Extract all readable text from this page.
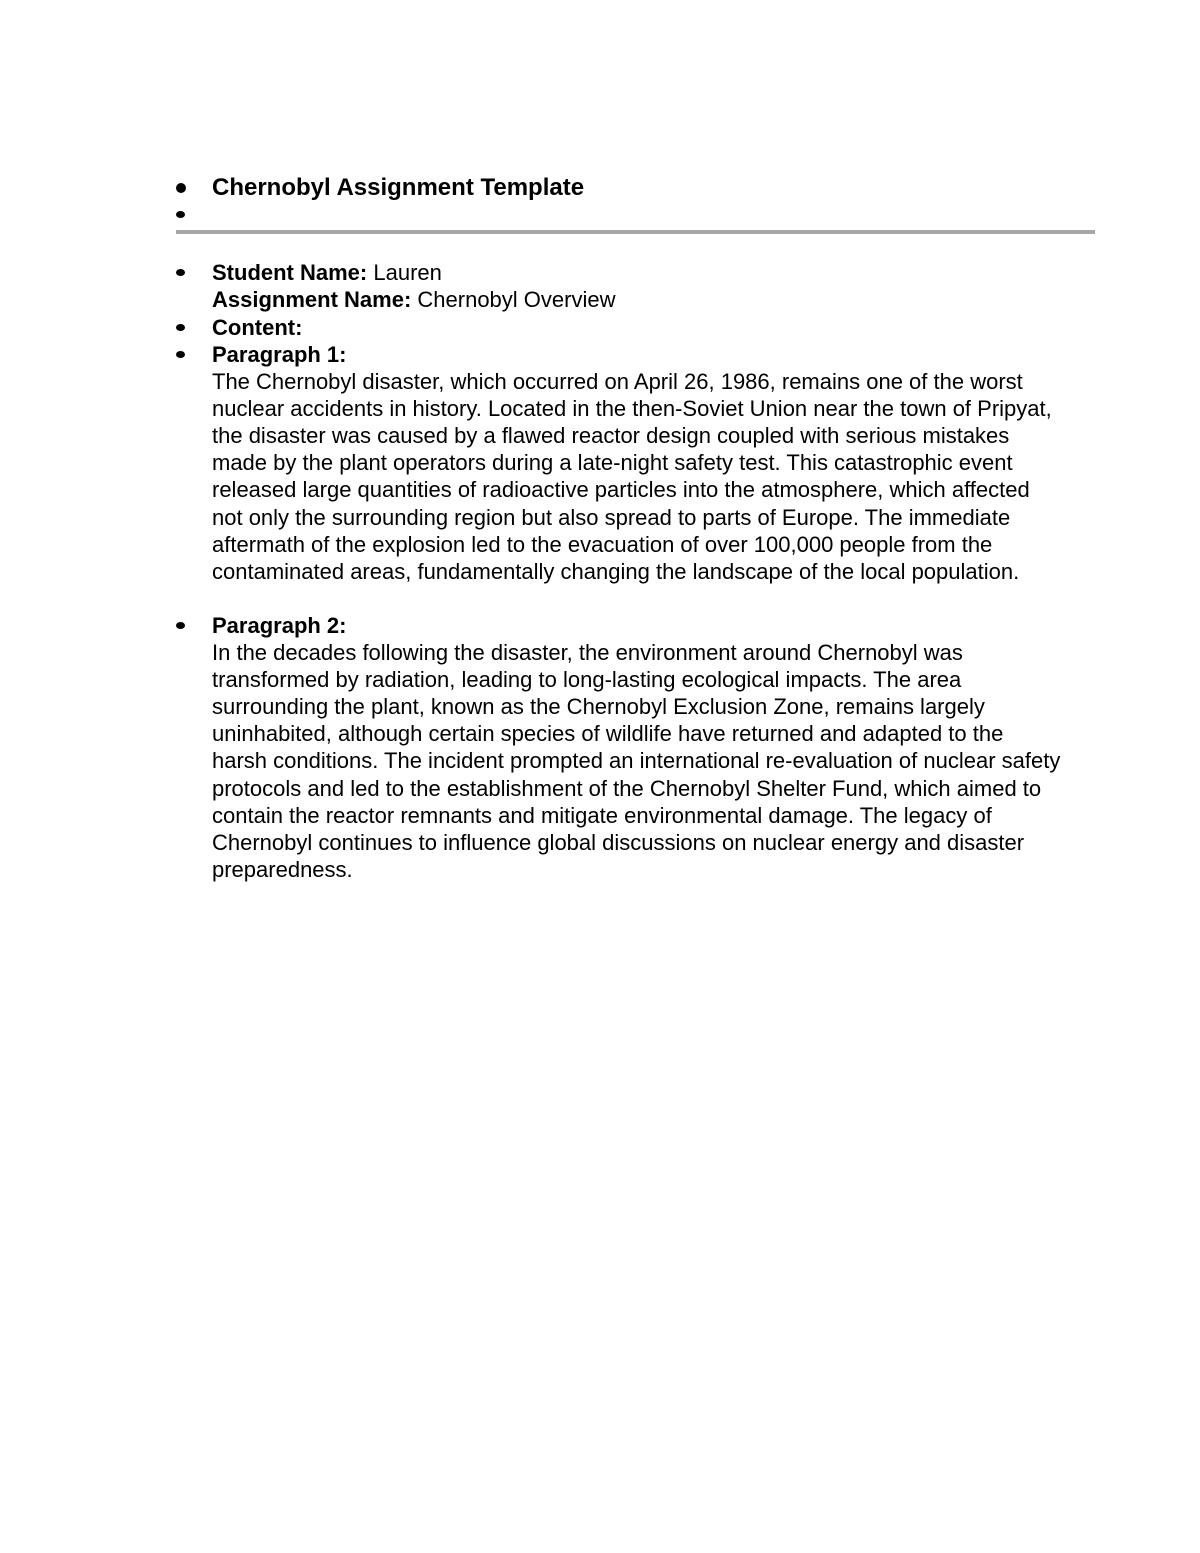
Chernobyl Assignment Template
Student Name: Lauren
Assignment Name: Chernobyl Overview
Content:
Paragraph 1:
The Chernobyl disaster, which occurred on April 26, 1986, remains one of the worst nuclear accidents in history. Located in the then-Soviet Union near the town of Pripyat, the disaster was caused by a flawed reactor design coupled with serious mistakes made by the plant operators during a late-night safety test. This catastrophic event released large quantities of radioactive particles into the atmosphere, which affected not only the surrounding region but also spread to parts of Europe. The immediate aftermath of the explosion led to the evacuation of over 100,000 people from the contaminated areas, fundamentally changing the landscape of the local population.
Paragraph 2:
In the decades following the disaster, the environment around Chernobyl was transformed by radiation, leading to long-lasting ecological impacts. The area surrounding the plant, known as the Chernobyl Exclusion Zone, remains largely uninhabited, although certain species of wildlife have returned and adapted to the harsh conditions. The incident prompted an international re-evaluation of nuclear safety protocols and led to the establishment of the Chernobyl Shelter Fund, which aimed to contain the reactor remnants and mitigate environmental damage. The legacy of Chernobyl continues to influence global discussions on nuclear energy and disaster preparedness.
